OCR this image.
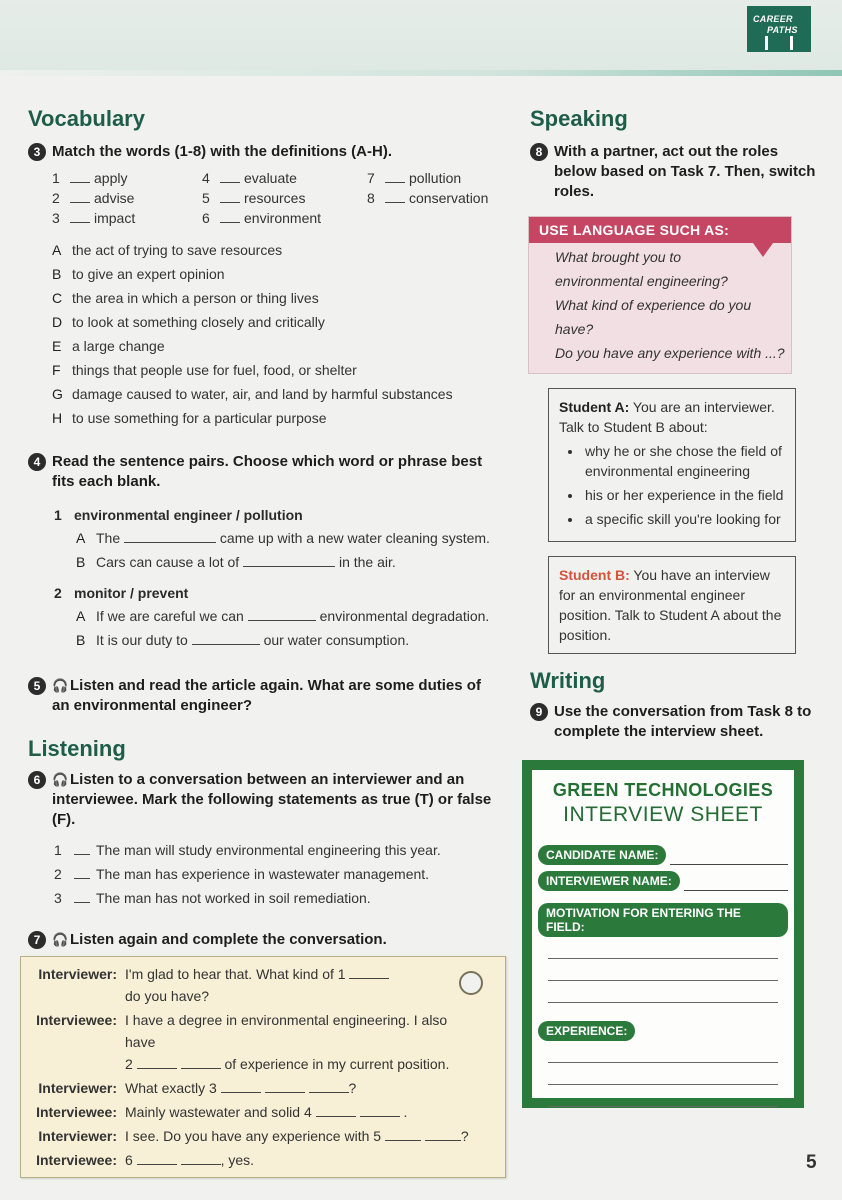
CAREER
PATHS
Vocabulary
3 Match the words (1-8) with the definitions (A-H).
1 apply	4 evaluate	7 pollution
2 advise	5 resources	8 conservation
3 impact	6 environment
A the act of trying to save resources
B to give an expert opinion
C the area in which a person or thing lives
D to look at something closely and critically
E a large change
F things that people use for fuel, food, or shelter
G damage caused to water, air, and land by harmful substances
H to use something for a particular purpose
4 Read the sentence pairs. Choose which word or phrase best fits each blank.
1 environmental engineer / pollution
A The	came up with a new water cleaning system.
B Cars can cause a lot of	in the air.
2 monitor / prevent
A If we are careful we can	environmental degradation.
B It is our duty to	our water consumption.
5 🎧 Listen and read the article again. What are some duties of an environmental engineer?
Listening
6 🎧 Listen to a conversation between an interviewer and an interviewee. Mark the following statements as true (T) or false (F).
1 The man will study environmental engineering this year.
2 The man has experience in wastewater management.
3 The man has not worked in soil remediation.
7 🎧 Listen again and complete the conversation.
Interviewer: I'm glad to hear that. What kind of 1
do you have?
Interviewee: I have a degree in environmental engineering. I also have
2	of experience in my current position.
Interviewer: What exactly 3	?
Interviewee: Mainly wastewater and solid 4	.
Interviewer: I see. Do you have any experience with 5	?
Interviewee: 6	, yes.
Speaking
8 With a partner, act out the roles below based on Task 7. Then, switch roles.
USE LANGUAGE SUCH AS:
What brought you to
environmental engineering?
What kind of experience do you have?
Do you have any experience with ...?
Student A: You are an interviewer. Talk to Student B about:
• why he or she chose the field of environmental engineering
• his or her experience in the field
• a specific skill you're looking for
Student B: You have an interview for an environmental engineer position. Talk to Student A about the position.
Writing
9 Use the conversation from Task 8 to complete the interview sheet.
GREEN TECHNOLOGIES
INTERVIEW SHEET
CANDIDATE NAME:
INTERVIEWER NAME:
MOTIVATION FOR ENTERING THE FIELD:
EXPERIENCE:
5
